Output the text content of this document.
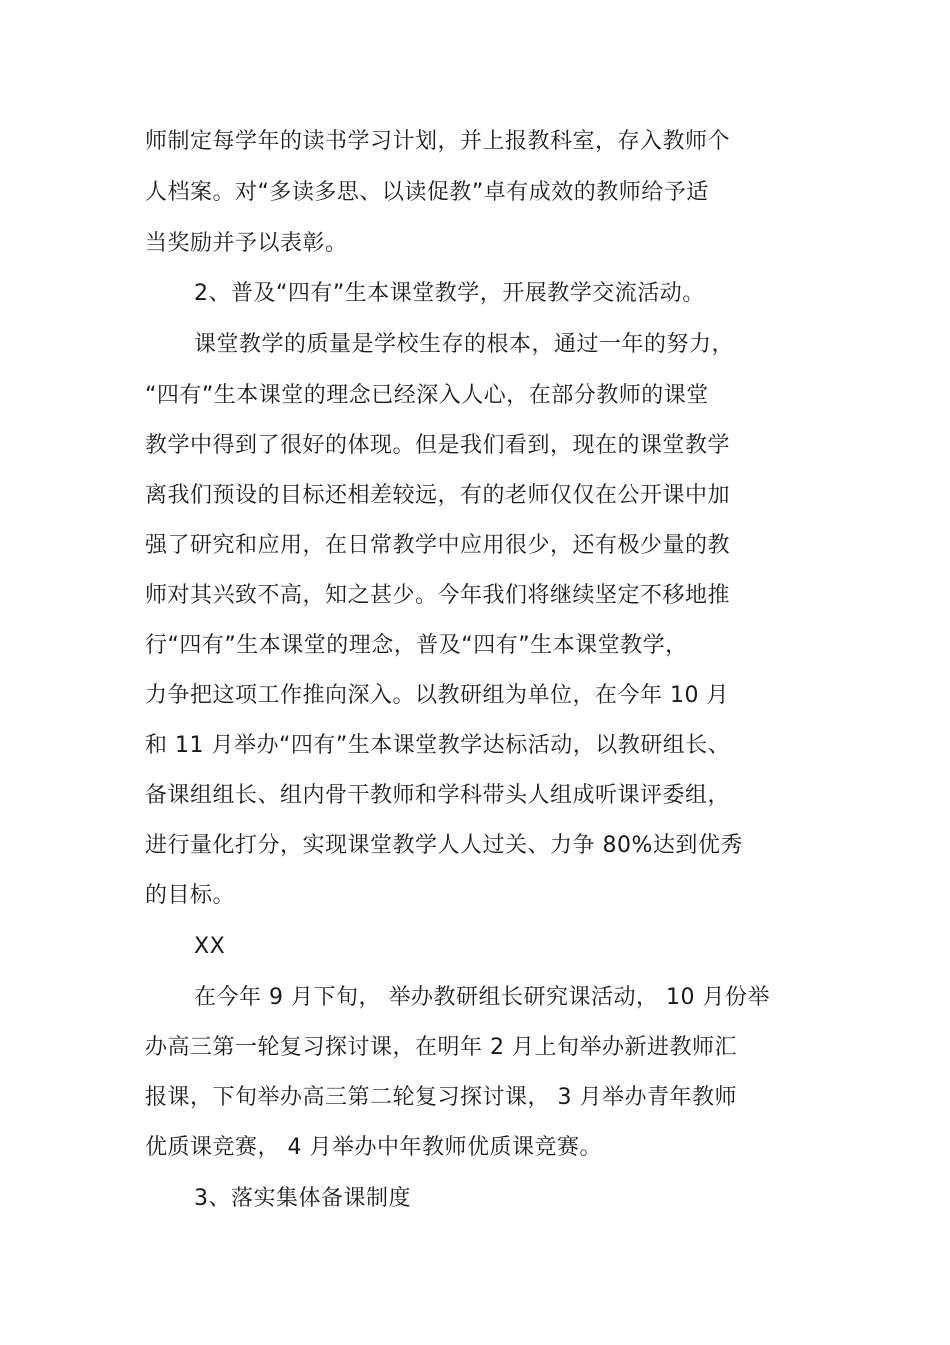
师制定每学年的读书学习计划，并上报教科室，存入教师个
人档案。对“多读多思、以读促教”卓有成效的教师给予适
当奖励并予以表彰。
2、普及“四有”生本课堂教学，开展教学交流活动。
课堂教学的质量是学校生存的根本，通过一年的努力，
“四有”生本课堂的理念已经深入人心，在部分教师的课堂
教学中得到了很好的体现。但是我们看到，现在的课堂教学
离我们预设的目标还相差较远，有的老师仅仅在公开课中加
强了研究和应用，在日常教学中应用很少，还有极少量的教
师对其兴致不高，知之甚少。今年我们将继续坚定不移地推
行“四有”生本课堂的理念，普及“四有”生本课堂教学，
力争把这项工作推向深入。以教研组为单位，在今年 10 月
和 11 月举办“四有”生本课堂教学达标活动，以教研组长、
备课组组长、组内骨干教师和学科带头人组成听课评委组，
进行量化打分，实现课堂教学人人过关、力争 80%达到优秀
的目标。
XX
在今年 9 月下旬， 举办教研组长研究课活动， 10 月份举
办高三第一轮复习探讨课，在明年 2 月上旬举办新进教师汇
报课，下旬举办高三第二轮复习探讨课， 3 月举办青年教师
优质课竞赛， 4 月举办中年教师优质课竞赛。
3、落实集体备课制度
